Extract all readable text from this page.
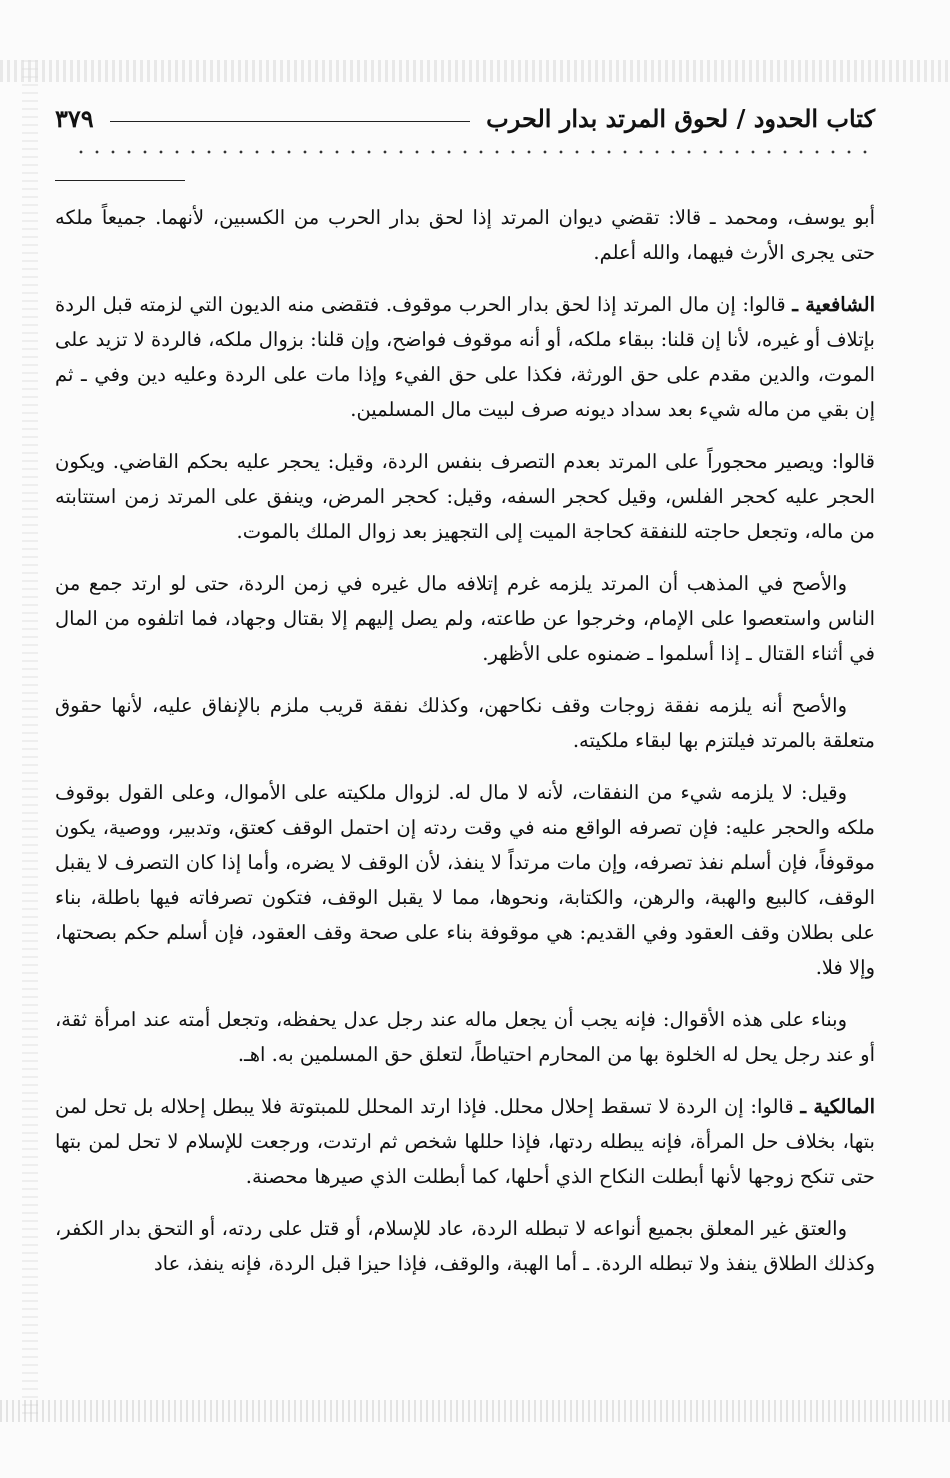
كتاب الحدود / لحوق المرتد بدار الحرب
٣٧٩

أبو يوسف، ومحمد ـ قالا: تقضي ديوان المرتد إذا لحق بدار الحرب من الكسبين، لأنهما. جميعاً ملكه حتى يجرى الأرث فيهما، والله أعلم.

الشافعية ـ قالوا: إن مال المرتد إذا لحق بدار الحرب موقوف. فتقضى منه الديون التي لزمته قبل الردة بإتلاف أو غيره، لأنا إن قلنا: ببقاء ملكه، أو أنه موقوف فواضح، وإن قلنا: بزوال ملكه، فالردة لا تزيد على الموت، والدين مقدم على حق الورثة، فكذا على حق الفيء وإذا مات على الردة وعليه دين وفي ـ ثم إن بقي من ماله شيء بعد سداد ديونه صرف لبيت مال المسلمين.

قالوا: ويصير محجوراً على المرتد بعدم التصرف بنفس الردة، وقيل: يحجر عليه بحكم القاضي. ويكون الحجر عليه كحجر الفلس، وقيل كحجر السفه، وقيل: كحجر المرض، وينفق على المرتد زمن استتابته من ماله، وتجعل حاجته للنفقة كحاجة الميت إلى التجهيز بعد زوال الملك بالموت.

والأصح في المذهب أن المرتد يلزمه غرم إتلافه مال غيره في زمن الردة، حتى لو ارتد جمع من الناس واستعصوا على الإمام، وخرجوا عن طاعته، ولم يصل إليهم إلا بقتال وجهاد، فما اتلفوه من المال في أثناء القتال ـ إذا أسلموا ـ ضمنوه على الأظهر.

والأصح أنه يلزمه نفقة زوجات وقف نكاحهن، وكذلك نفقة قريب ملزم بالإنفاق عليه، لأنها حقوق متعلقة بالمرتد فيلتزم بها لبقاء ملكيته.

وقيل: لا يلزمه شيء من النفقات، لأنه لا مال له. لزوال ملكيته على الأموال، وعلى القول بوقوف ملكه والحجر عليه: فإن تصرفه الواقع منه في وقت ردته إن احتمل الوقف كعتق، وتدبير، ووصية، يكون موقوفاً، فإن أسلم نفذ تصرفه، وإن مات مرتداً لا ينفذ، لأن الوقف لا يضره، وأما إذا كان التصرف لا يقبل الوقف، كالبيع والهبة، والرهن، والكتابة، ونحوها، مما لا يقبل الوقف، فتكون تصرفاته فيها باطلة، بناء على بطلان وقف العقود وفي القديم: هي موقوفة بناء على صحة وقف العقود، فإن أسلم حكم بصحتها، وإلا فلا.

وبناء على هذه الأقوال: فإنه يجب أن يجعل ماله عند رجل عدل يحفظه، وتجعل أمته عند امرأة ثقة، أو عند رجل يحل له الخلوة بها من المحارم احتياطاً، لتعلق حق المسلمين به. اهـ.

المالكية ـ قالوا: إن الردة لا تسقط إحلال محلل. فإذا ارتد المحلل للمبتوتة فلا يبطل إحلاله بل تحل لمن بتها، بخلاف حل المرأة، فإنه يبطله ردتها، فإذا حللها شخص ثم ارتدت، ورجعت للإسلام لا تحل لمن بتها حتى تنكح زوجها لأنها أبطلت النكاح الذي أحلها، كما أبطلت الذي صيرها محصنة.

والعتق غير المعلق بجميع أنواعه لا تبطله الردة، عاد للإسلام، أو قتل على ردته، أو التحق بدار الكفر، وكذلك الطلاق ينفذ ولا تبطله الردة. ـ أما الهبة، والوقف، فإذا حيزا قبل الردة، فإنه ينفذ، عاد
